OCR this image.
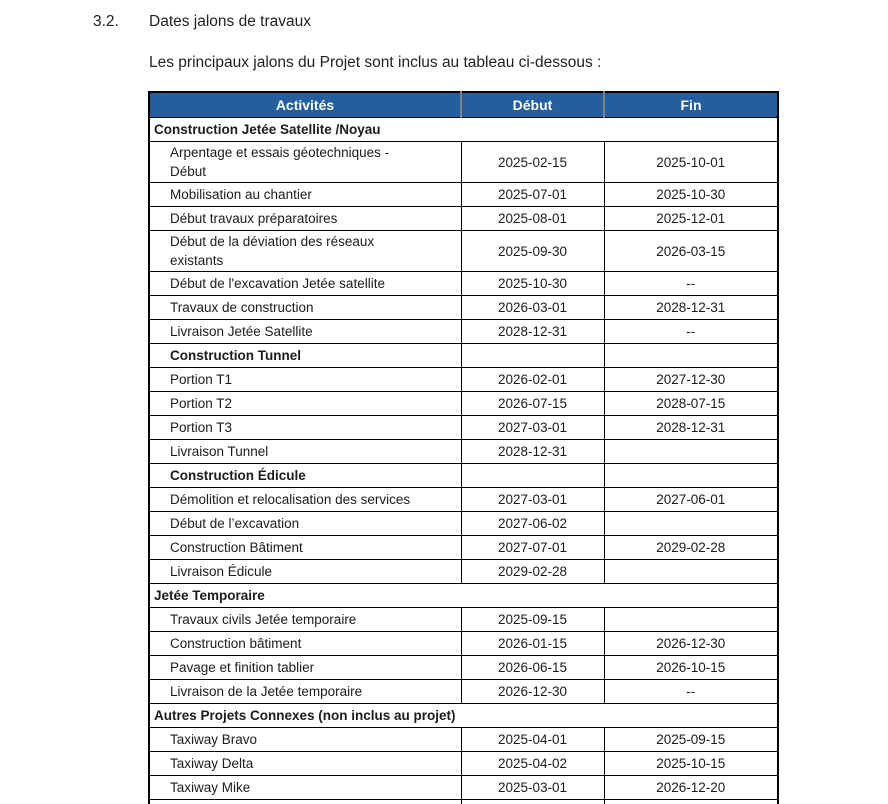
3.2. Dates jalons de travaux

Les principaux jalons du Projet sont inclus au tableau ci-dessous :

Activités	Début	Fin
Construction Jetée Satellite /Noyau		

Arpentage et essais géotechniques -
Début	2025-02-15	2025-10-01

Mobilisation au chantier	2025-07-01	2025-10-30

Début travaux préparatoires	2025-08-01	2025-12-01

Début de la déviation des réseaux
existants	2025-09-30	2026-03-15

Début de l'excavation Jetée satellite	2025-10-30	--

Travaux de construction	2026-03-01	2028-12-31

Livraison Jetée Satellite	2028-12-31	--

Construction Tunnel		

Portion T1	2026-02-01	2027-12-30

Portion T2	2026-07-15	2028-07-15

Portion T3	2027-03-01	2028-12-31

Livraison Tunnel	2028-12-31	

Construction Édicule		

Démolition et relocalisation des services	2027-03-01	2027-06-01

Début de l’excavation	2027-06-02	

Construction Bâtiment	2027-07-01	2029-02-28

Livraison Édicule	2029-02-28	
Jetée Temporaire		

Travaux civils Jetée temporaire	2025-09-15	

Construction bâtiment	2026-01-15	2026-12-30

Pavage et finition tablier	2026-06-15	2026-10-15

Livraison de la Jetée temporaire	2026-12-30	--
Autres Projets Connexes (non inclus au projet)		

Taxiway Bravo	2025-04-01	2025-09-15

Taxiway Delta	2025-04-02	2025-10-15

Taxiway Mike	2025-03-01	2026-12-20
